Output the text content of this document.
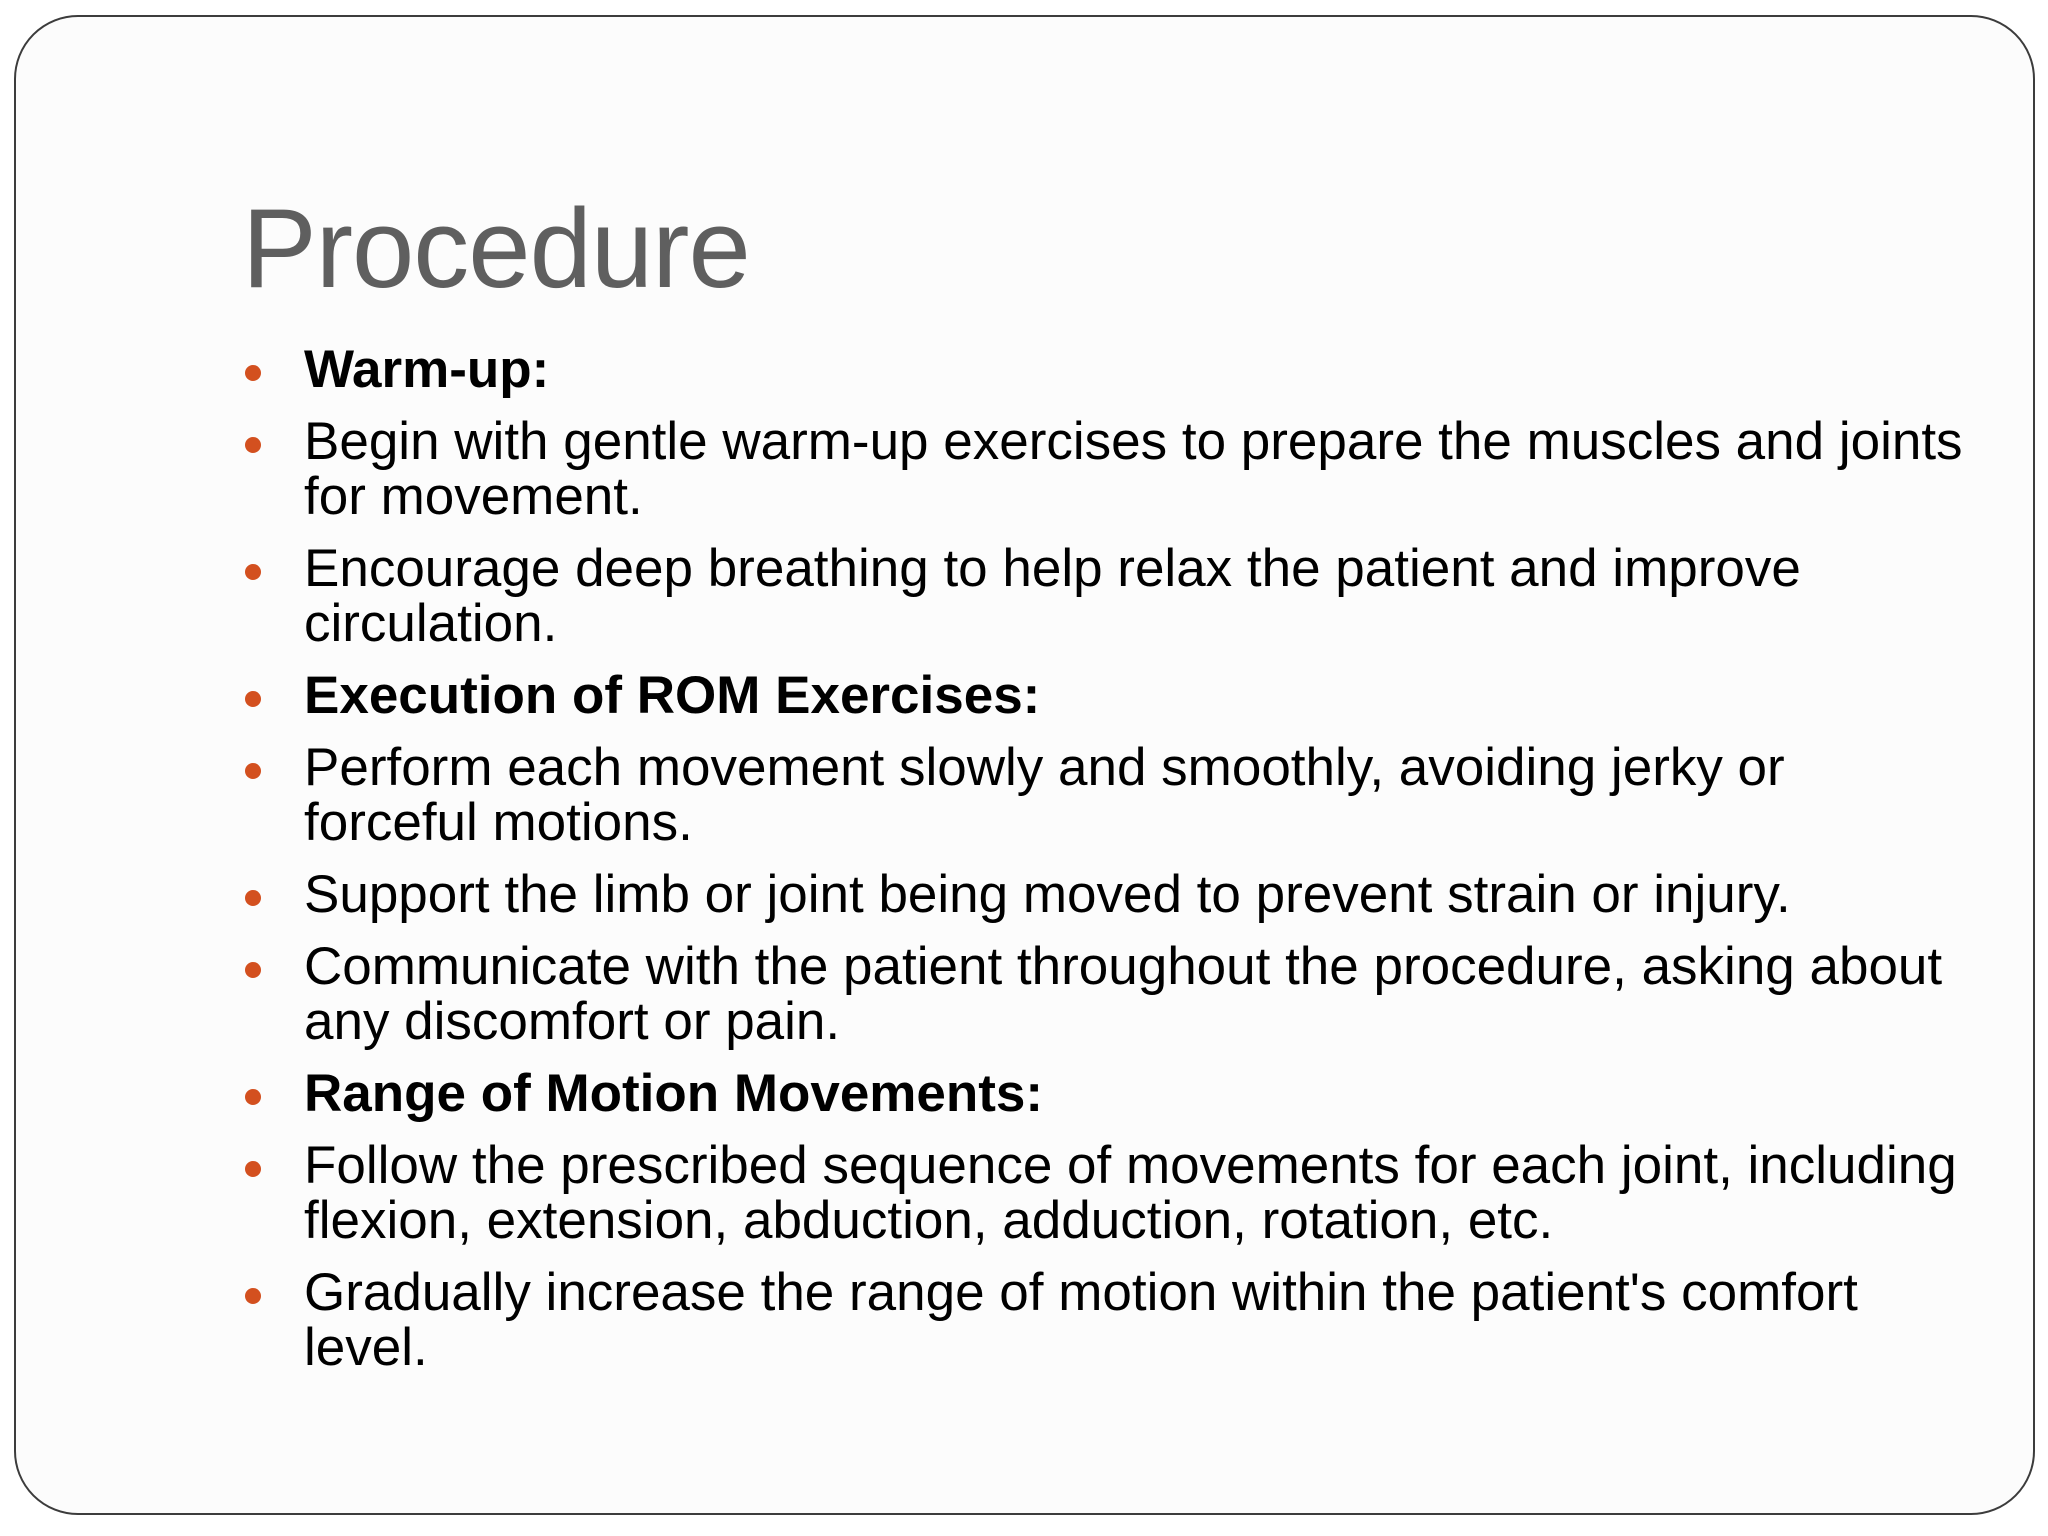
Procedure
Warm-up:
Begin with gentle warm-up exercises to prepare the muscles and joints for movement.
Encourage deep breathing to help relax the patient and improve circulation.
Execution of ROM Exercises:
Perform each movement slowly and smoothly, avoiding jerky or forceful motions.
Support the limb or joint being moved to prevent strain or injury.
Communicate with the patient throughout the procedure, asking about any discomfort or pain.
Range of Motion Movements:
Follow the prescribed sequence of movements for each joint, including flexion, extension, abduction, adduction, rotation, etc.
Gradually increase the range of motion within the patient's comfort level.
